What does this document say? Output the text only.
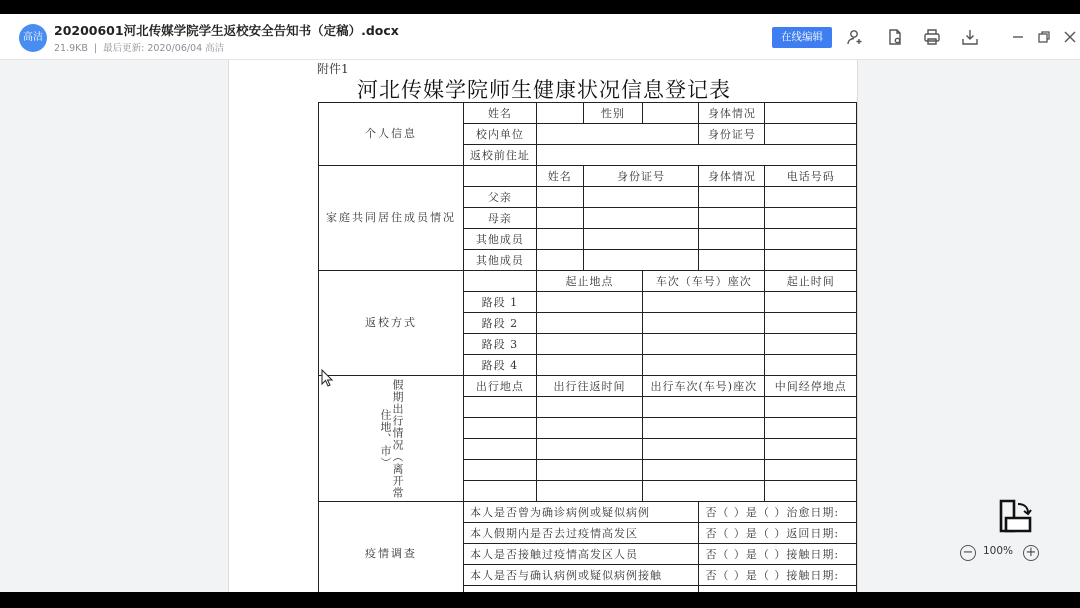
高洁 20200601河北传媒学院学生返校安全告知书（定稿）.docx
21.9KB | 最后更新: 2020/06/04 高洁
在线编辑
附件1
河北传媒学院师生健康状况信息登记表
个人信息	姓名		性别		身体情况	
	校内单位				身份证号	
	返校前住址					
家庭共同居住成员情况		姓名	身份证号		身体情况	电话号码
	父亲					
	母亲					
	其他成员					
	其他成员					
返校方式		起止地点		车次（车号）座次		起止时间
	路段 1					
	路段 2					
	路段 3					
	路段 4					
假期出行情况（离开常住地、市）	出行地点	出行往返时间		出行车次(车号)座次		中间经停地点

疫情调查	本人是否曾为确诊病例或疑似病例				否（ ）是（ ）治愈日期:	
	本人假期内是否去过疫情高发区				否（ ）是（ ）返回日期:	
	本人是否接触过疫情高发区人员				否（ ）是（ ）接触日期:	
	本人是否与确认病例或疑似病例接触				否（ ）是（ ）接触日期:	

− 100% +
